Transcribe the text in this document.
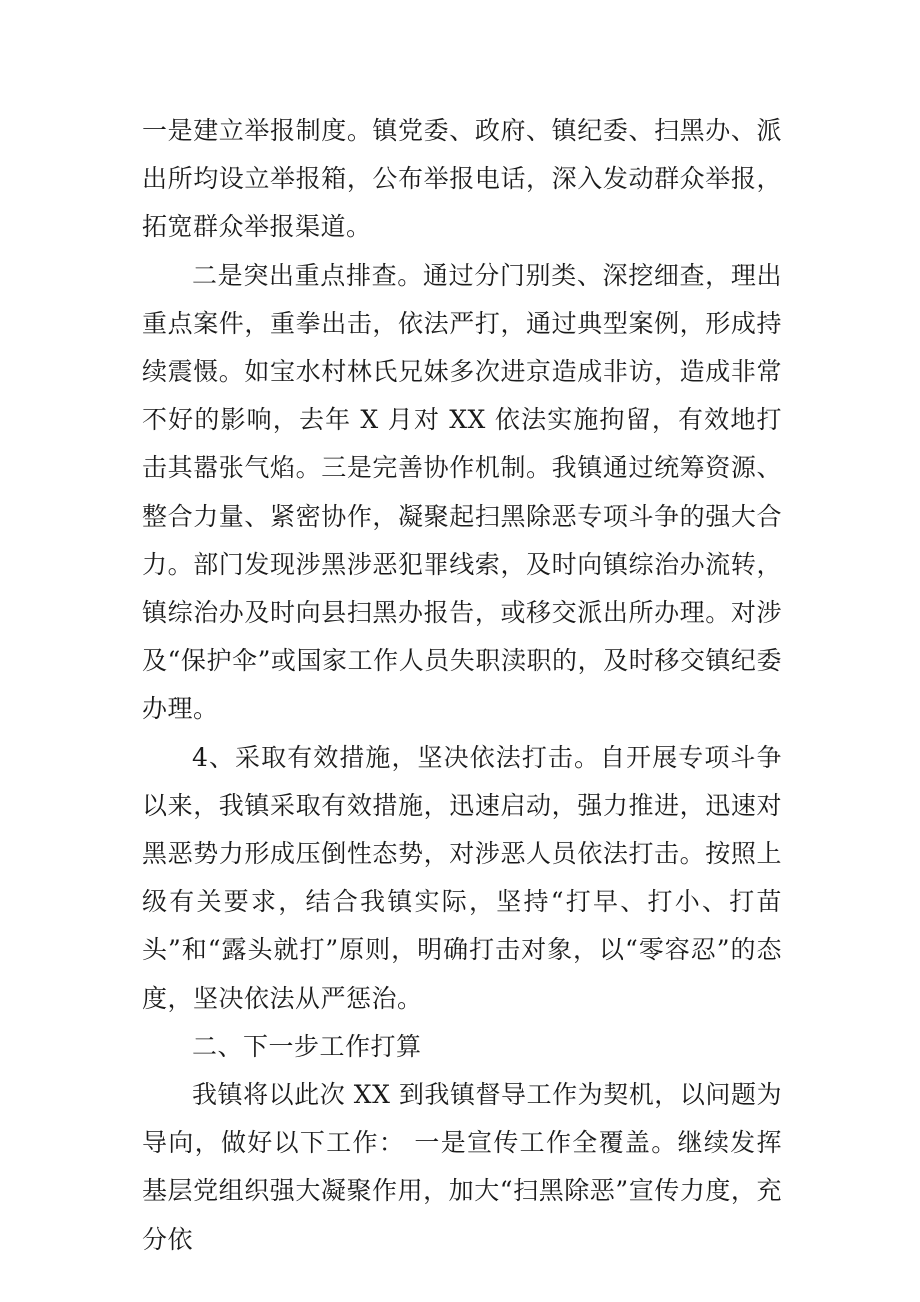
一是建立举报制度。镇党委、政府、镇纪委、扫黑办、派出所均设立举报箱，公布举报电话，深入发动群众举报，拓宽群众举报渠道。

二是突出重点排查。通过分门别类、深挖细查，理出重点案件，重拳出击，依法严打，通过典型案例，形成持续震慑。如宝水村林氏兄妹多次进京造成非访，造成非常不好的影响，去年 X 月对 XX 依法实施拘留，有效地打击其嚣张气焰。三是完善协作机制。我镇通过统筹资源、整合力量、紧密协作，凝聚起扫黑除恶专项斗争的强大合力。部门发现涉黑涉恶犯罪线索，及时向镇综治办流转，镇综治办及时向县扫黑办报告，或移交派出所办理。对涉及“保护伞”或国家工作人员失职渎职的，及时移交镇纪委办理。

4、采取有效措施，坚决依法打击。自开展专项斗争以来，我镇采取有效措施，迅速启动，强力推进，迅速对黑恶势力形成压倒性态势，对涉恶人员依法打击。按照上级有关要求，结合我镇实际，坚持“打早、打小、打苗头”和“露头就打”原则，明确打击对象，以“零容忍”的态度，坚决依法从严惩治。

二、下一步工作打算

我镇将以此次 XX 到我镇督导工作为契机，以问题为导向，做好以下工作： 一是宣传工作全覆盖。继续发挥基层党组织强大凝聚作用，加大“扫黑除恶”宣传力度，充分依
